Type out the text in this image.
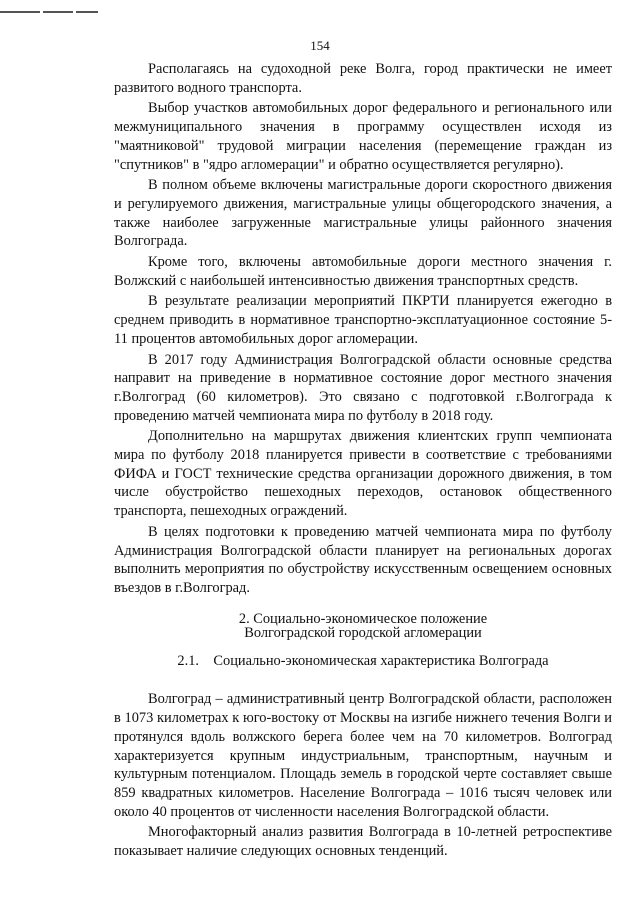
154

Располагаясь на судоходной реке Волга, город практически не имеет развитого водного транспорта.

Выбор участков автомобильных дорог федерального и регионального или межмуниципального значения в программу осуществлен исходя из "маятниковой" трудовой миграции населения (перемещение граждан из "спутников" в "ядро агломерации" и обратно осуществляется регулярно).

В полном объеме включены магистральные дороги скоростного движения и регулируемого движения, магистральные улицы общегородского значения, а также наиболее загруженные магистральные улицы районного значения Волгограда.

Кроме того, включены автомобильные дороги местного значения г. Волжский с наибольшей интенсивностью движения транспортных средств.

В результате реализации мероприятий ПКРТИ планируется ежегодно в среднем приводить в нормативное транспортно-эксплатуационное состояние 5-11 процентов автомобильных дорог агломерации.

В 2017 году Администрация Волгоградской области основные средства направит на приведение в нормативное состояние дорог местного значения г.Волгоград (60 километров). Это связано с подготовкой г.Волгограда к проведению матчей чемпионата мира по футболу в 2018 году.

Дополнительно на маршрутах движения клиентских групп чемпионата мира по футболу 2018 планируется привести в соответствие с требованиями ФИФА и ГОСТ технические средства организации дорожного движения, в том числе обустройство пешеходных переходов, остановок общественного транспорта, пешеходных ограждений.

В целях подготовки к проведению матчей чемпионата мира по футболу Администрация Волгоградской области планирует на региональных дорогах выполнить мероприятия по обустройству искусственным освещением основных въездов в г.Волгоград.

2. Социально-экономическое положение
Волгоградской городской агломерации
2.1.    Социально-экономическая характеристика Волгограда

Волгоград – административный центр Волгоградской области, расположен в 1073 километрах к юго-востоку от Москвы на изгибе нижнего течения Волги и протянулся вдоль волжского берега более чем на 70 километров. Волгоград характеризуется крупным индустриальным, транспортным, научным и культурным потенциалом. Площадь земель в городской черте составляет свыше 859 квадратных километров. Население Волгограда – 1016 тысяч человек или около 40 процентов от численности населения Волгоградской области.

Многофакторный анализ развития Волгограда в 10-летней ретроспективе показывает наличие следующих основных тенденций.
